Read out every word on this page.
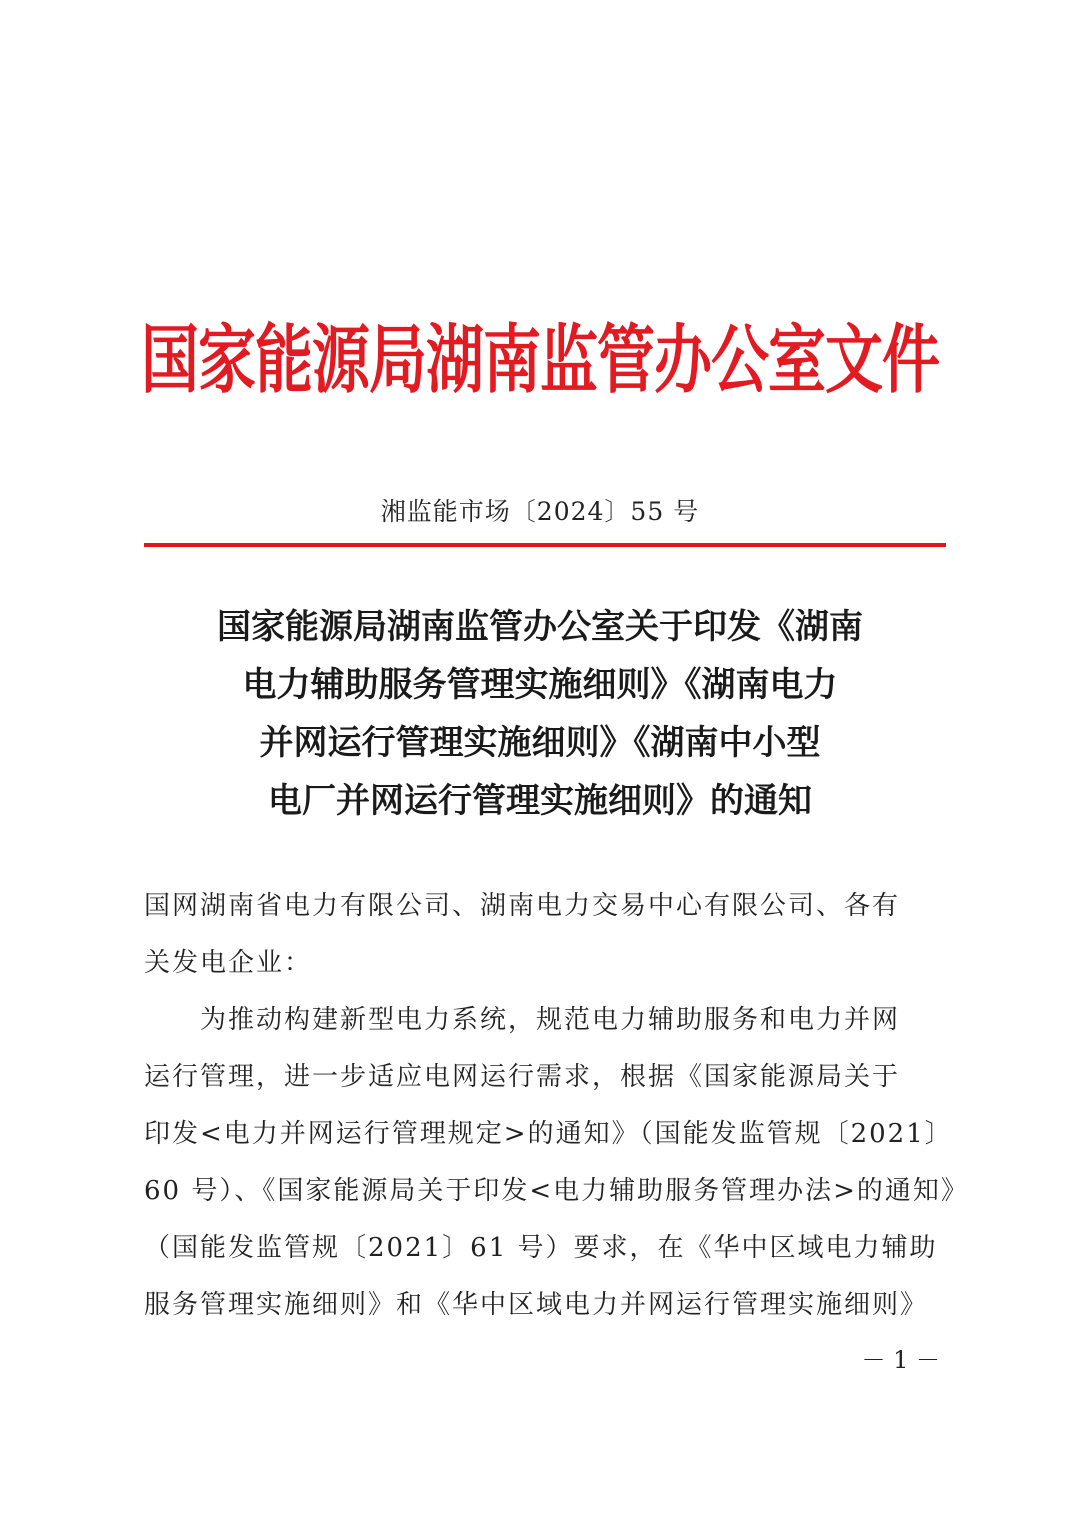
国家能源局湖南监管办公室文件
湘监能市场〔2024〕55 号
国家能源局湖南监管办公室关于印发《湖南
电力辅助服务管理实施细则》《湖南电力
并网运行管理实施细则》《湖南中小型
电厂并网运行管理实施细则》的通知
国网湖南省电力有限公司、湖南电力交易中心有限公司、各有
关发电企业：
　　为推动构建新型电力系统，规范电力辅助服务和电力并网
运行管理，进一步适应电网运行需求，根据《国家能源局关于
印发<电力并网运行管理规定>的通知》（国能发监管规〔2021〕
60 号）、《国家能源局关于印发<电力辅助服务管理办法>的通知》
（国能发监管规〔2021〕61 号）要求，在《华中区域电力辅助
服务管理实施细则》和《华中区域电力并网运行管理实施细则》
－ 1 －
